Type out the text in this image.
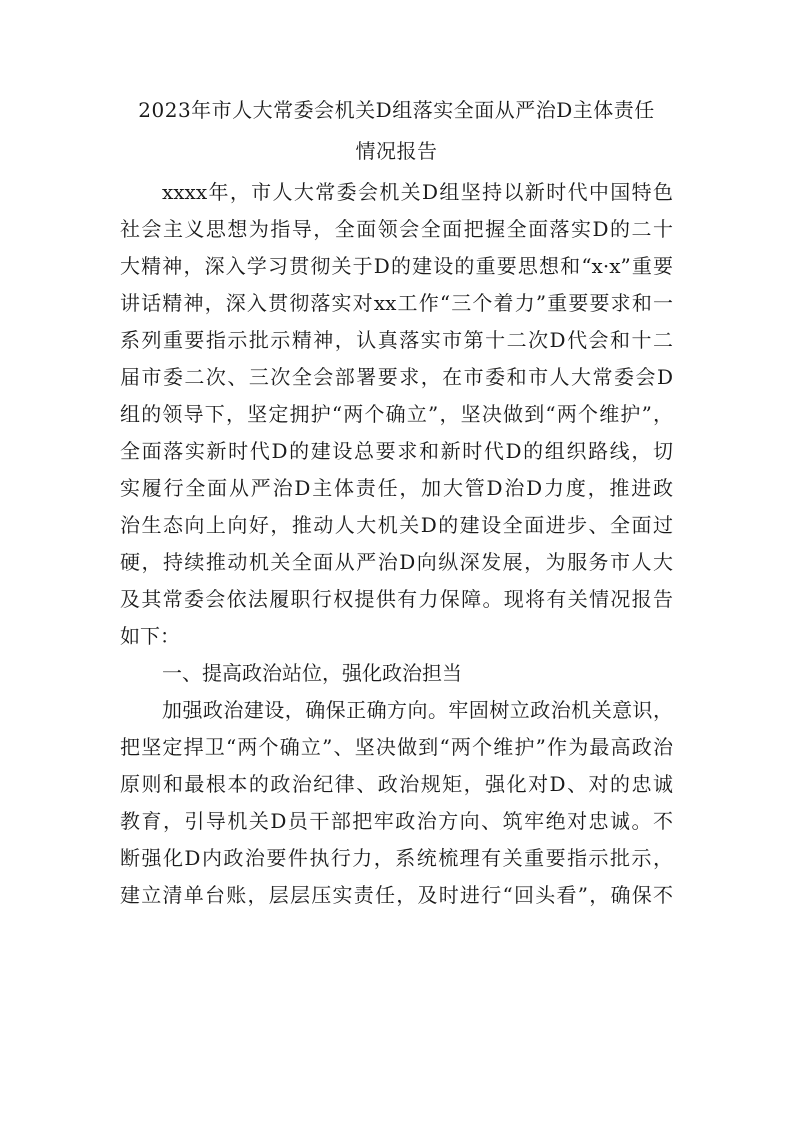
2023年市人大常委会机关D组落实全面从严治D主体责任
情况报告
xxxx年，市人大常委会机关D组坚持以新时代中国特色
社会主义思想为指导，全面领会全面把握全面落实D的二十
大精神，深入学习贯彻关于D的建设的重要思想和“x·x”重要
讲话精神，深入贯彻落实对xx工作“三个着力”重要要求和一
系列重要指示批示精神，认真落实市第十二次D代会和十二
届市委二次、三次全会部署要求，在市委和市人大常委会D
组的领导下，坚定拥护“两个确立”，坚决做到“两个维护”，
全面落实新时代D的建设总要求和新时代D的组织路线，切
实履行全面从严治D主体责任，加大管D治D力度，推进政
治生态向上向好，推动人大机关D的建设全面进步、全面过
硬，持续推动机关全面从严治D向纵深发展，为服务市人大
及其常委会依法履职行权提供有力保障。现将有关情况报告
如下：
一、提高政治站位，强化政治担当
加强政治建设，确保正确方向。牢固树立政治机关意识，
把坚定捍卫“两个确立”、坚决做到“两个维护”作为最高政治
原则和最根本的政治纪律、政治规矩，强化对D、对的忠诚
教育，引导机关D员干部把牢政治方向、筑牢绝对忠诚。不
断强化D内政治要件执行力，系统梳理有关重要指示批示，
建立清单台账，层层压实责任，及时进行“回头看”，确保不
